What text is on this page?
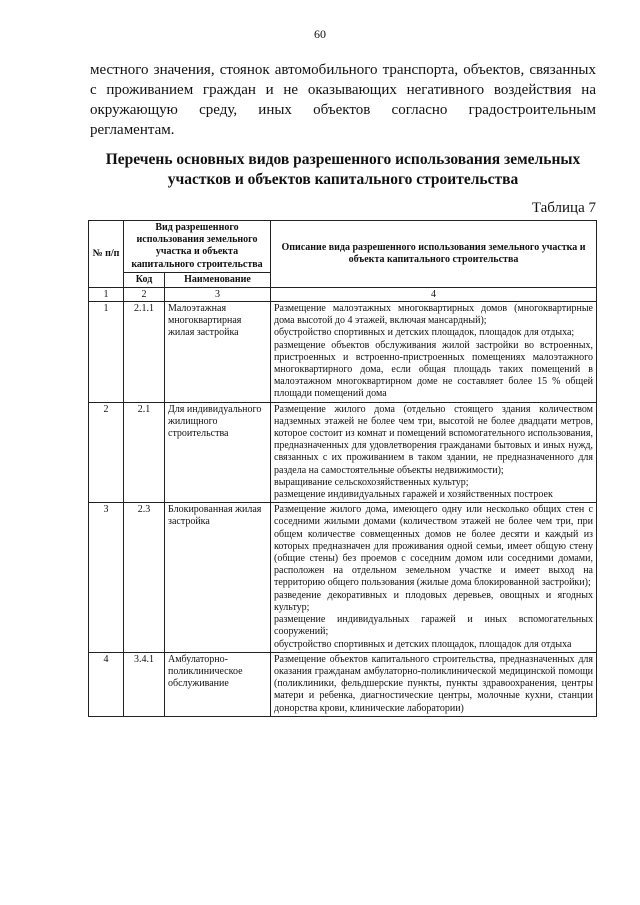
60

местного значения, стоянок автомобильного транспорта, объектов, связанных

с проживанием граждан и не оказывающих негативного воздействия на

окружающую среду, иных объектов согласно градостроительным

регламентам.

Перечень основных видов разрешенного использования земельных
участков и объектов капитального строительства
Таблица 7
№ п/п	Вид разрешенного использования земельного участка и объекта капитального строительства		Описание вида разрешенного использования земельного участка и объекта капитального строительства
	Код	Наименование	
1	2	3	4
1	2.1.1	Малоэтажная многоквартирная жилая застройка	Размещение малоэтажных многоквартирных домов (многоквартирные дома высотой до 4 этажей, включая мансардный);
обустройство спортивных и детских площадок, площадок для отдыха;
размещение объектов обслуживания жилой застройки во встроенных, пристроенных и встроенно-пристроенных помещениях малоэтажного многоквартирного дома, если общая площадь таких помещений в малоэтажном многоквартирном доме не составляет более 15 % общей площади помещений дома

2	2.1	Для индивидуального жилищного строительства	Размещение жилого дома (отдельно стоящего здания количеством надземных этажей не более чем три, высотой не более двадцати метров, которое состоит из комнат и помещений вспомогательного использования, предназначенных для удовлетворения гражданами бытовых и иных нужд, связанных с их проживанием в таком здании, не предназначенного для раздела на самостоятельные объекты недвижимости);
выращивание сельскохозяйственных культур;
размещение индивидуальных гаражей и хозяйственных построек

3	2.3	Блокированная жилая застройка	Размещение жилого дома, имеющего одну или несколько общих стен с соседними жилыми домами (количеством этажей не более чем три, при общем количестве совмещенных домов не более десяти и каждый из которых предназначен для проживания одной семьи, имеет общую стену (общие стены) без проемов с соседним домом или соседними домами, расположен на отдельном земельном участке и имеет выход на территорию общего пользования (жилые дома блокированной застройки);
разведение декоративных и плодовых деревьев, овощных и ягодных культур;
размещение индивидуальных гаражей и иных вспомогательных сооружений;
обустройство спортивных и детских площадок, площадок для отдыха

4	3.4.1	Амбулаторно-поликлиническое обслуживание	Размещение объектов капитального строительства, предназначенных для оказания гражданам амбулаторно-поликлинической медицинской помощи (поликлиники, фельдшерские пункты, пункты здравоохранения, центры матери и ребенка, диагностические центры, молочные кухни, станции донорства крови, клинические лаборатории)
